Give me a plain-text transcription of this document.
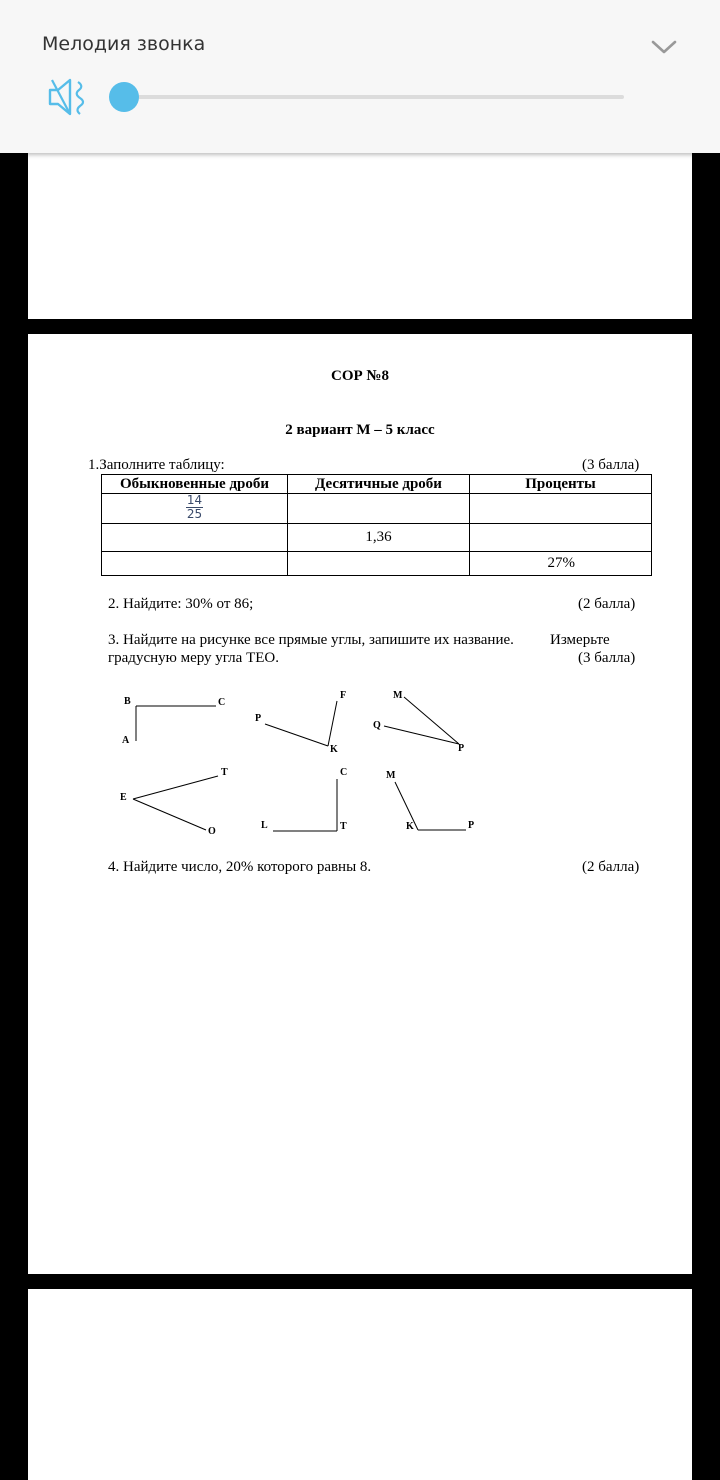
Мелодия звонка
СОР №8
2 вариант М – 5 класс
1.Заполните таблицу:	(3 балла)
Обыкновенные дроби	Десятичные дроби	Проценты

$\frac{14}{25}$

	1,36	
		27%
2. Найдите: 30% от 86;	(2 балла)
3. Найдите на рисунке все прямые углы, запишите их название. Измерьте
градусную меру угла ТЕО.	(3 балла)
B	C
A
F
P
K
M
Q
P
T
E
O
C
L	T
M
K	P
4. Найдите число, 20% которого равны 8.	(2 балла)
